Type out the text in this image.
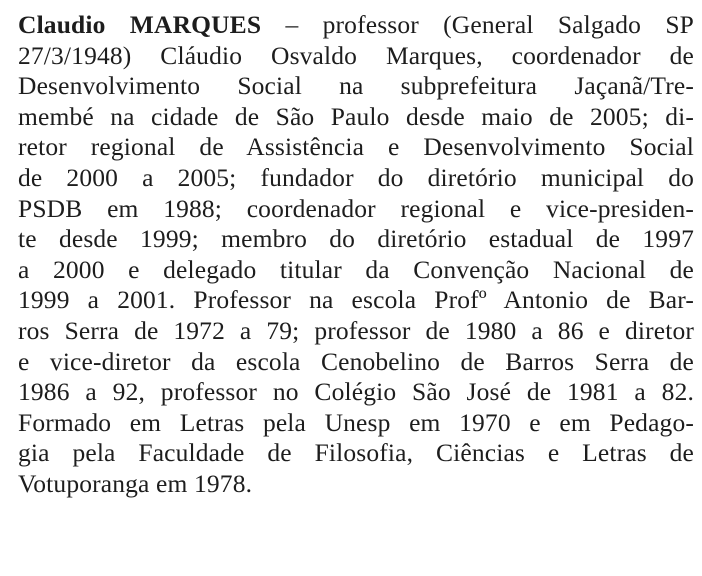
Claudio MARQUES – professor (General Salgado SP
27/3/1948) Cláudio Osvaldo Marques, coordenador de
Desenvolvimento Social na subprefeitura Jaçanã/Tre-
membé na cidade de São Paulo desde maio de 2005; di-
retor regional de Assistência e Desenvolvimento Social
de 2000 a 2005; fundador do diretório municipal do
PSDB em 1988; coordenador regional e vice-presiden-
te desde 1999; membro do diretório estadual de 1997
a 2000 e delegado titular da Convenção Nacional de
1999 a 2001. Professor na escola Profº Antonio de Bar-
ros Serra de 1972 a 79; professor de 1980 a 86 e diretor
e vice-diretor da escola Cenobelino de Barros Serra de
1986 a 92, professor no Colégio São José de 1981 a 82.
Formado em Letras pela Unesp em 1970 e em Pedago-
gia pela Faculdade de Filosofia, Ciências e Letras de
Votuporanga em 1978.
